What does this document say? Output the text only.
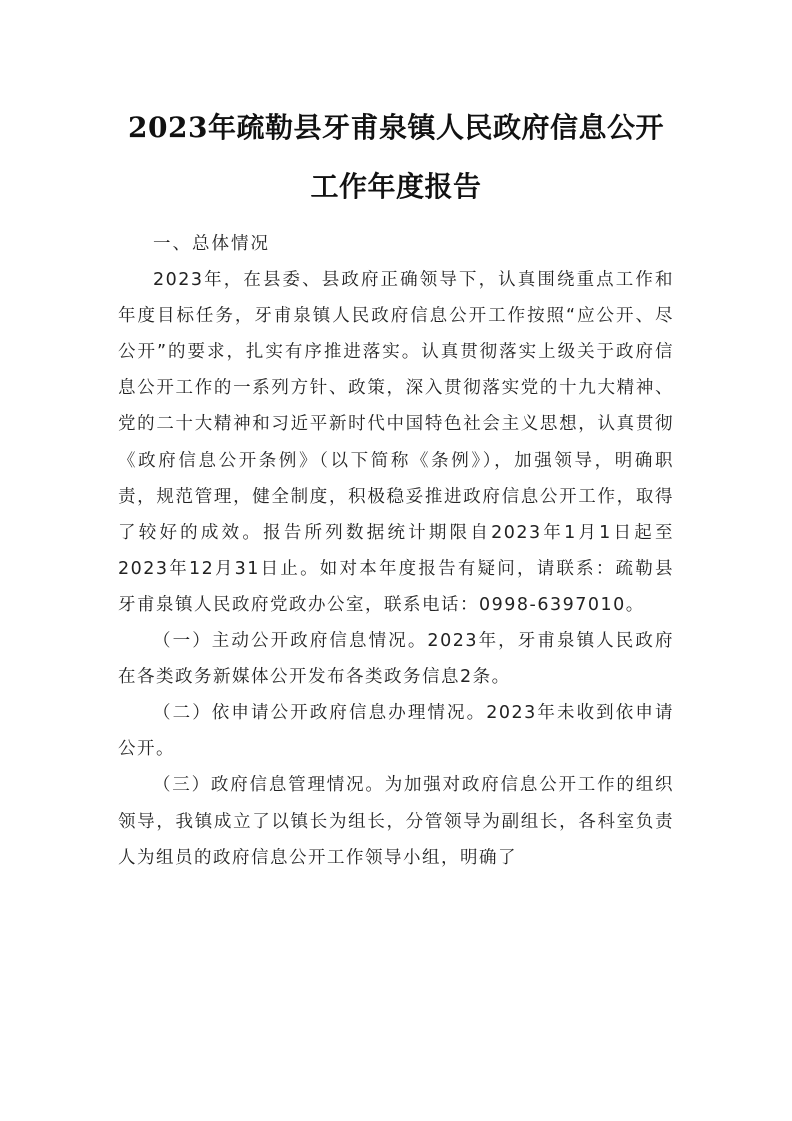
2023年疏勒县牙甫泉镇人民政府信息公开
工作年度报告

一、总体情况

2023年，在县委、县政府正确领导下，认真围绕重点工作和年度目标任务，牙甫泉镇人民政府信息公开工作按照“应公开、尽公开”的要求，扎实有序推进落实。认真贯彻落实上级关于政府信息公开工作的一系列方针、政策，深入贯彻落实党的十九大精神、党的二十大精神和习近平新时代中国特色社会主义思想，认真贯彻《政府信息公开条例》（以下简称《条例》），加强领导，明确职责，规范管理，健全制度，积极稳妥推进政府信息公开工作，取得了较好的成效。报告所列数据统计期限自2023年1月1日起至2023年12月31日止。如对本年度报告有疑问，请联系：疏勒县牙甫泉镇人民政府党政办公室，联系电话：0998-6397010。

（一）主动公开政府信息情况。2023年，牙甫泉镇人民政府在各类政务新媒体公开发布各类政务信息2条。

（二）依申请公开政府信息办理情况。2023年未收到依申请公开。

（三）政府信息管理情况。为加强对政府信息公开工作的组织领导，我镇成立了以镇长为组长，分管领导为副组长，各科室负责人为组员的政府信息公开工作领导小组，明确了
